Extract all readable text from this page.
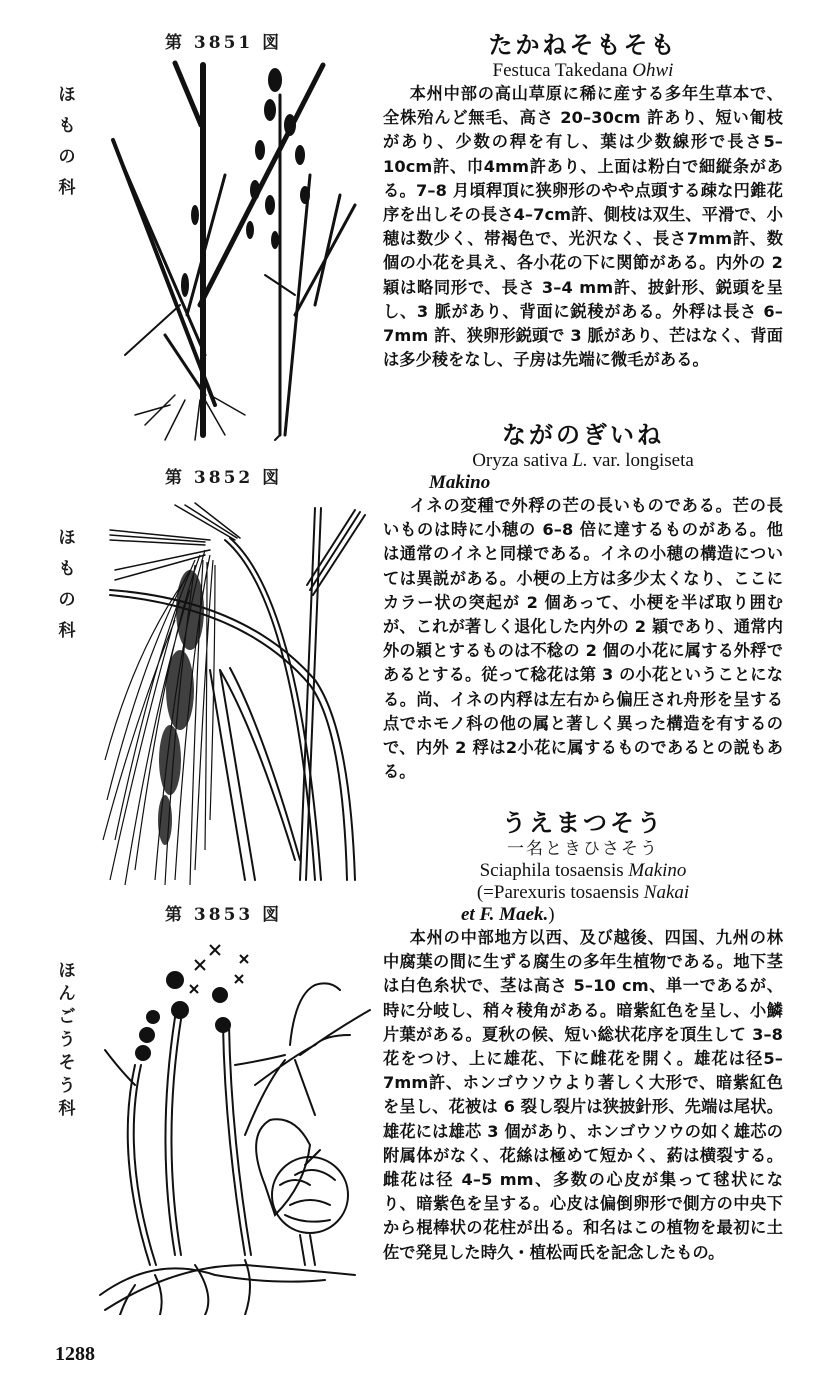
第 3851 図
ほ
も
の
科
第 3852 図
ほ
も
の
科
第 3853 図
ほ
ん
ご
う
そ
う
科
たかねそもそも
Festuca Takedana Ohwi
本州中部の高山草原に稀に産する多年生草本で、全株殆んど無毛、高さ 20–30cm 許あり、短い匍枝があり、少数の稈を有し、葉は少数線形で長さ5–10cm許、巾4mm許あり、上面は粉白で細縦条がある。7–8 月頃稈頂に狭卵形のやや点頭する疎な円錐花序を出しその長さ4–7cm許、側枝は双生、平滑で、小穂は数少く、帯褐色で、光沢なく、長さ7mm許、数個の小花を具え、各小花の下に関節がある。内外の 2 穎は略同形で、長さ 3–4 mm許、披針形、鋭頭を呈し、3 脈があり、背面に鋭稜がある。外稃は長さ 6–7mm 許、狭卵形鋭頭で 3 脈があり、芒はなく、背面は多少稜をなし、子房は先端に微毛がある。
ながのぎいね
Oryza sativa L. var. longiseta
Makino
イネの変種で外稃の芒の長いものである。芒の長いものは時に小穂の 6–8 倍に達するものがある。他は通常のイネと同様である。イネの小穂の構造については異説がある。小梗の上方は多少太くなり、ここにカラー状の突起が 2 個あって、小梗を半ば取り囲むが、これが著しく退化した内外の 2 穎であり、通常内外の穎とするものは不稔の 2 個の小花に属する外稃であるとする。従って稔花は第 3 の小花ということになる。尚、イネの内稃は左右から偏圧され舟形を呈する点でホモノ科の他の属と著しく異った構造を有するので、内外 2 稃は2小花に属するものであるとの説もある。
うえまつそう
一名ときひさそう
Sciaphila tosaensis Makino
(=Parexuris tosaensis Nakai
et F. Maek.)
本州の中部地方以西、及び越後、四国、九州の林中腐葉の間に生ずる腐生の多年生植物である。地下茎は白色糸状で、茎は高さ 5–10 cm、単一であるが、時に分岐し、稍々稜角がある。暗紫紅色を呈し、小鱗片葉がある。夏秋の候、短い総状花序を頂生して 3–8 花をつけ、上に雄花、下に雌花を開く。雄花は径5–7mm許、ホンゴウソウより著しく大形で、暗紫紅色を呈し、花被は 6 裂し裂片は狭披針形、先端は尾状。雄花には雄芯 3 個があり、ホンゴウソウの如く雄芯の附属体がなく、花絲は極めて短かく、葯は横裂する。雌花は径 4–5 mm、多数の心皮が集って毬状になり、暗紫色を呈する。心皮は偏倒卵形で側方の中央下から棍棒状の花柱が出る。和名はこの植物を最初に土佐で発見した時久・植松両氏を記念したもの。
1288
